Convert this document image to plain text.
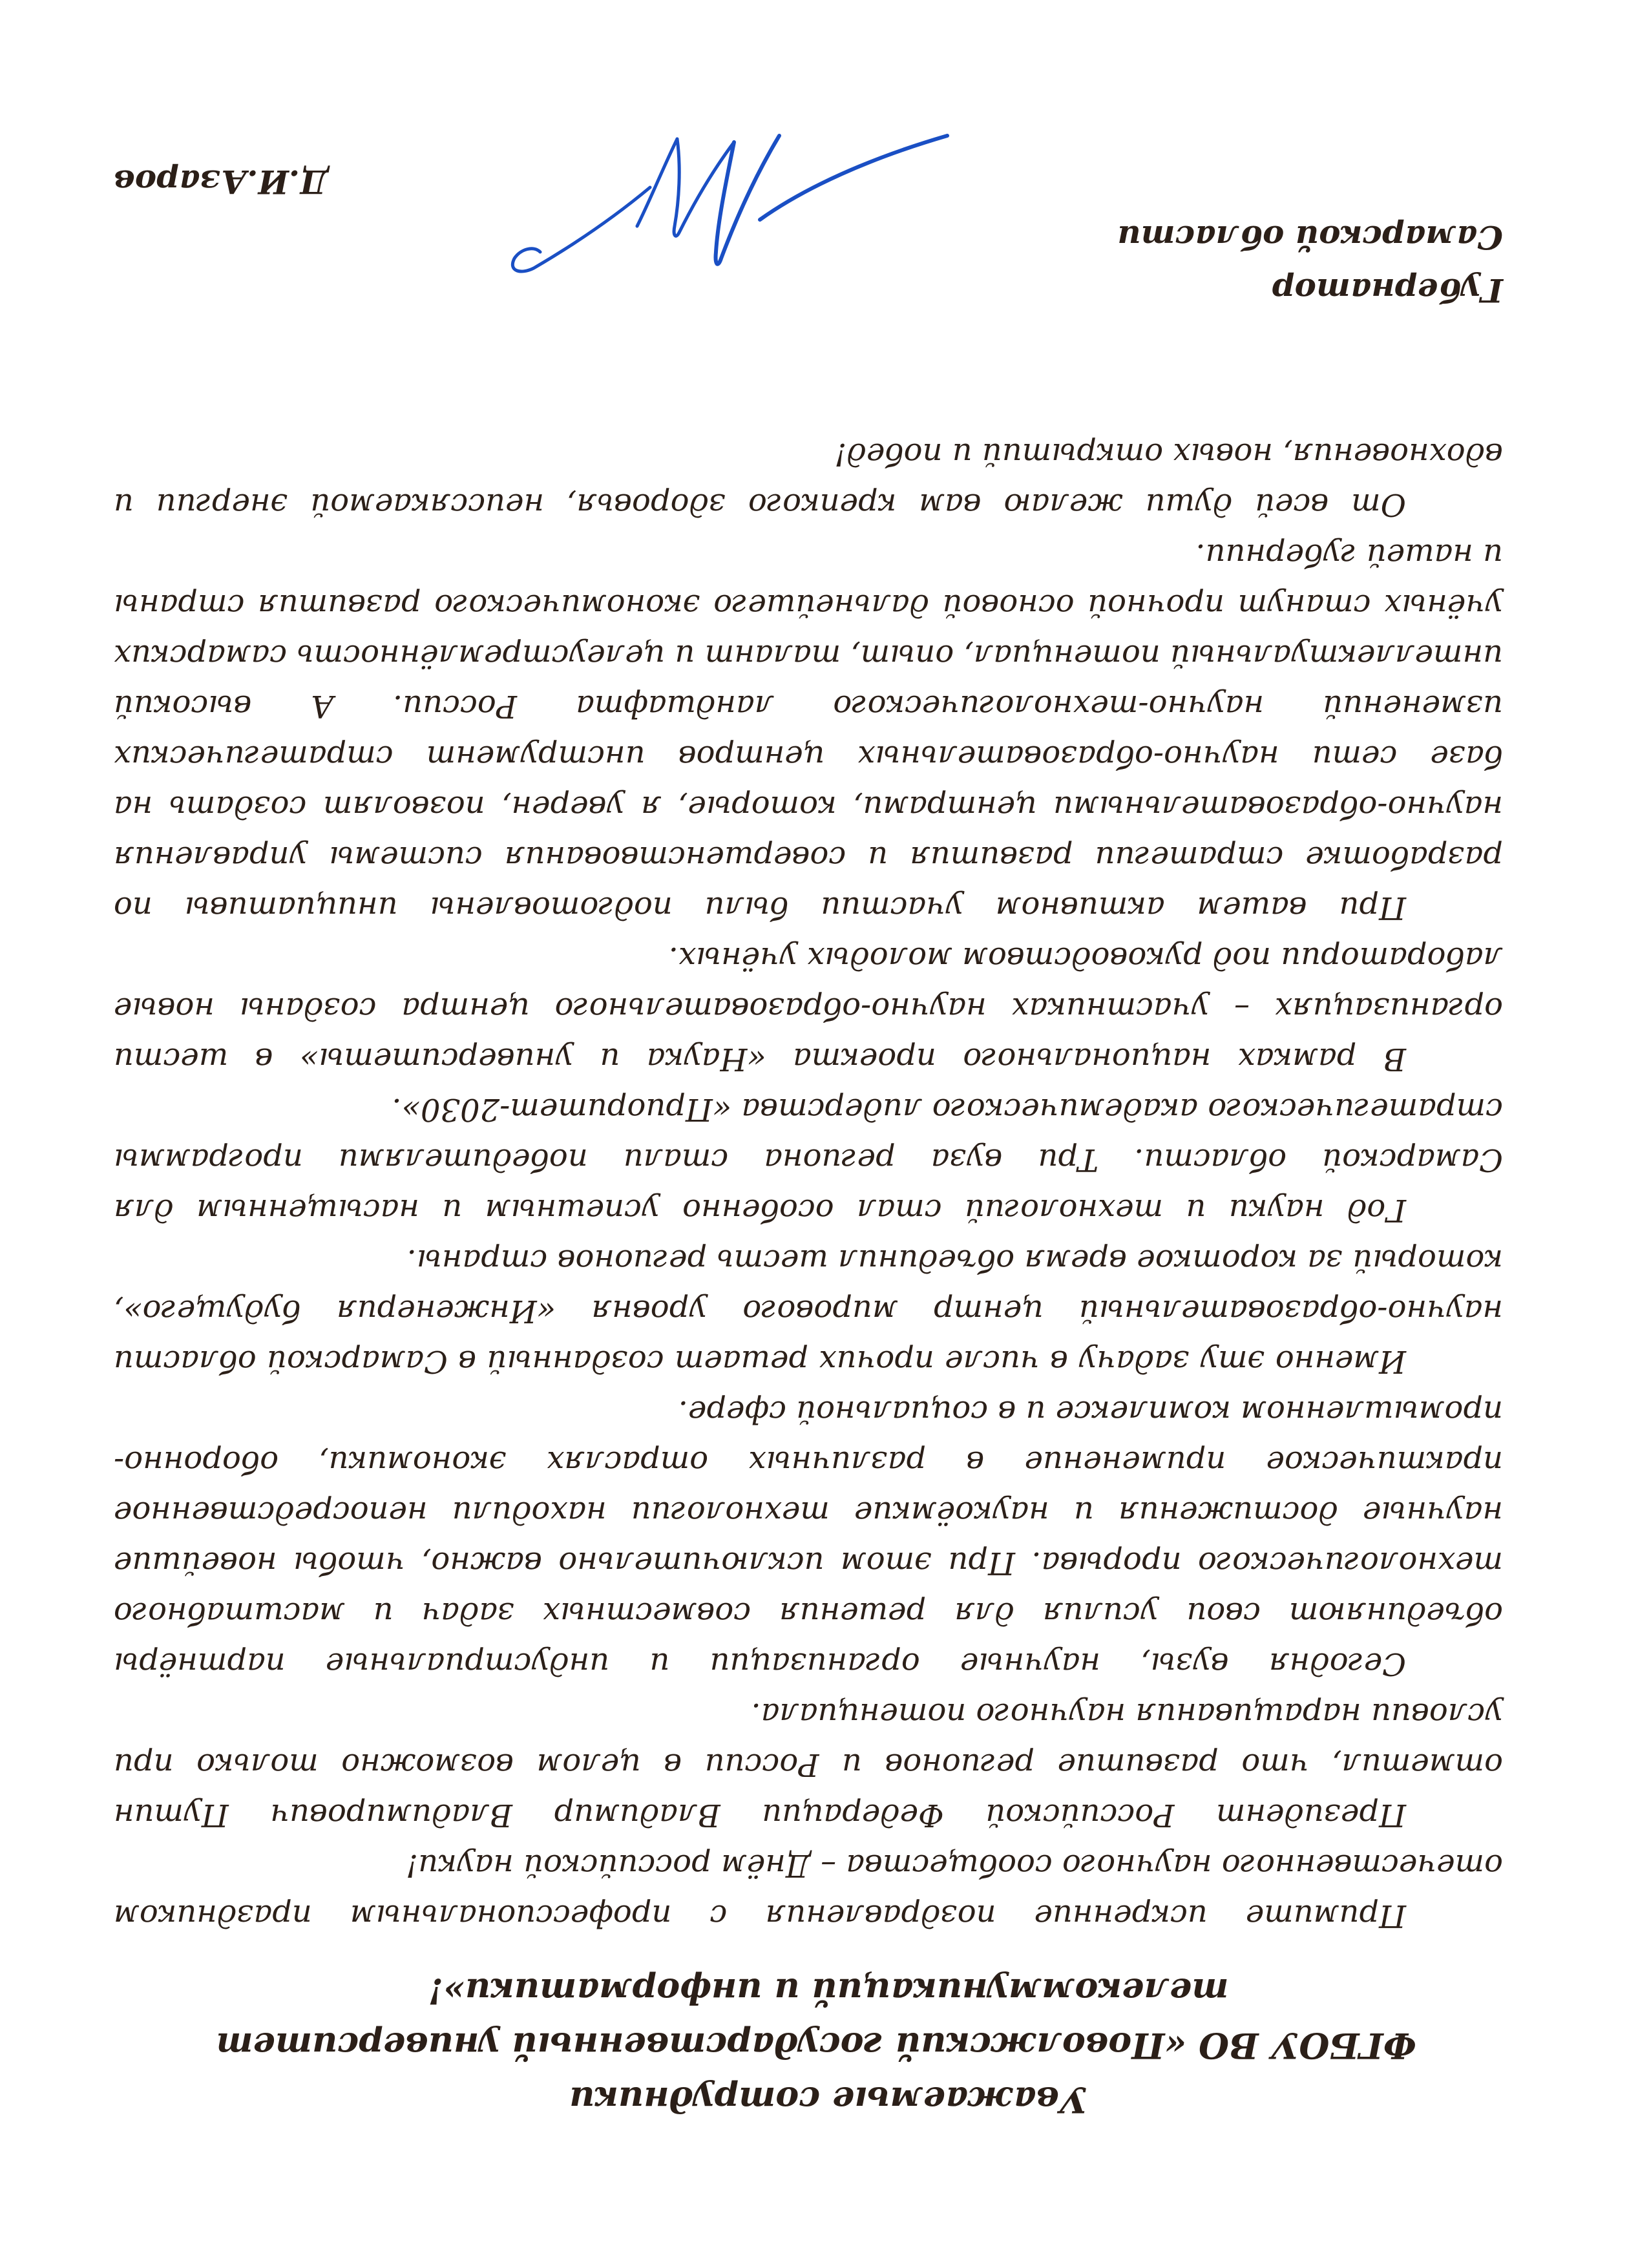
Уважаемые сотрудники
ФГБОУ ВО «Поволжский государственный университет
телекоммуникаций и информатики»!

Примите искренние поздравления с профессиональным праздником отечественного научного сообщества – Днём российской науки!

Президент Российской Федерации Владимир Владимирович Путин отметил, что развитие регионов и России в целом возможно только при условии наращивания научного потенциала.

Сегодня вузы, научные организации и индустриальные партнёры объединяют свои усилия для решения совместных задач и масштабного технологического прорыва. При этом исключительно важно, чтобы новейшие научные достижения и наукоёмкие технологии находили непосредственное практическое применение в различных отраслях экономики, оборонно-промышленном комплексе и в социальной сфере.

Именно эту задачу в числе прочих решает созданный в Самарской области научно-образовательный центр мирового уровня «Инженерия будущего», который за короткое время объединил шесть регионов страны.

Год науки и технологий стал особенно успешным и насыщенным для Самарской области. Три вуза региона стали победителями программы стратегического академического лидерства «Приоритет-2030».

В рамках национального проекта «Наука и университеты» в шести организациях – участниках научно-образовательного центра созданы новые лаборатории под руководством молодых учёных.

При вашем активном участии были подготовлены инициативы по разработке стратегии развития и совершенствования системы управления научно-образовательными центрами, которые, я уверен, позволят создать на базе сети научно-образовательных центров инструмент стратегических изменений научно-технологического ландшафта России. А высокий интеллектуальный потенциал, опыт, талант и целеустремлённость самарских учёных станут прочной основой дальнейшего экономического развития страны и нашей губернии.

От всей души желаю вам крепкого здоровья, неиссякаемой энергии и вдохновения, новых открытий и побед!

Губернатор
Самарской области
Д.И.Азаров
